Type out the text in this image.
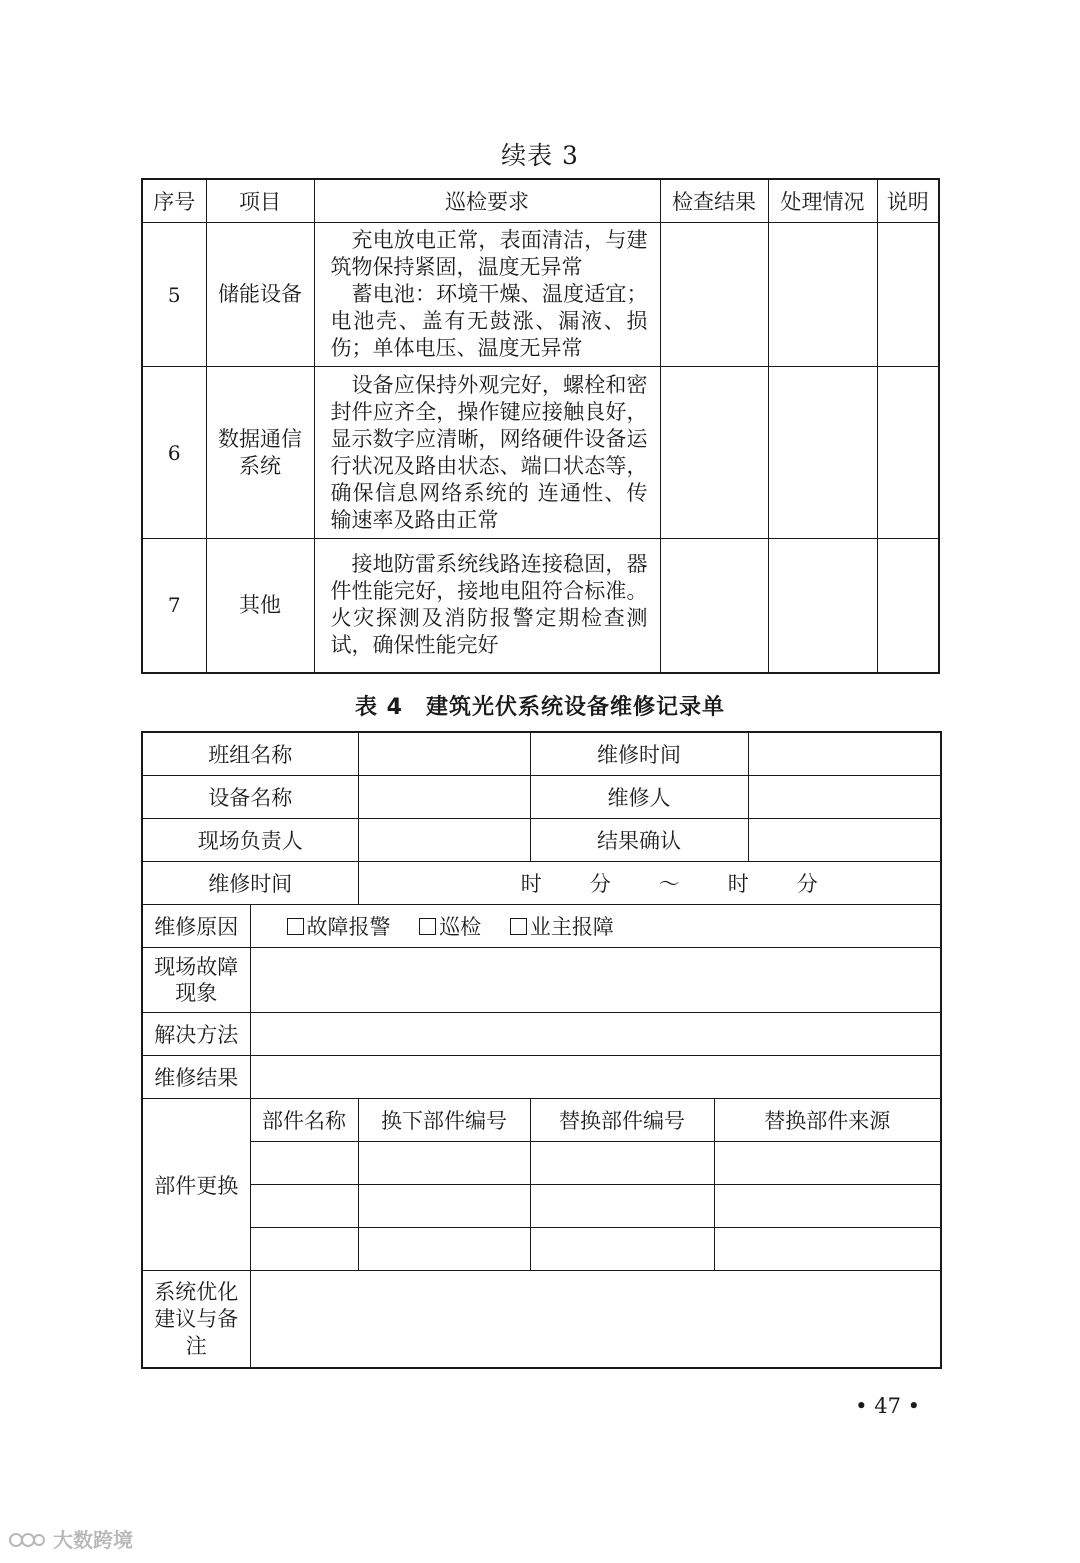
续表 3
序号	项目	巡检要求	检查结果	处理情况	说明
5	储能设备	充电放电正常，表面清洁，与建筑物保持紧固，温度无异常

蓄电池：环境干燥、温度适宜；电池壳、盖有无鼓涨、漏液、损伤；单体电压、温度无异常			

6	数据通信
系统	设备应保持外观完好，螺栓和密封件应齐全，操作键应接触良好，显示数字应清晰，网络硬件设备运行状况及路由状态、端口状态等，确保信息网络系统的 连通性、传输速率及路由正常			

7	其他	接地防雷系统线路连接稳固，器件性能完好，接地电阻符合标准。火灾探测及消防报警定期检查测试，确保性能完好			

表 4　建筑光伏系统设备维修记录单
班组名称			维修时间		
设备名称			维修人		
现场负责人			结果确认		
维修时间		时 分 ～ 时 分			
维修原因	故障报警 巡检 业主报障				

现场故障
现象					

解决方法					
维修结果					
部件更换	部件名称	换下部件编号	替换部件编号	替换部件来源	

系统优化
建议与备
注					

• 47 •
大数跨境
